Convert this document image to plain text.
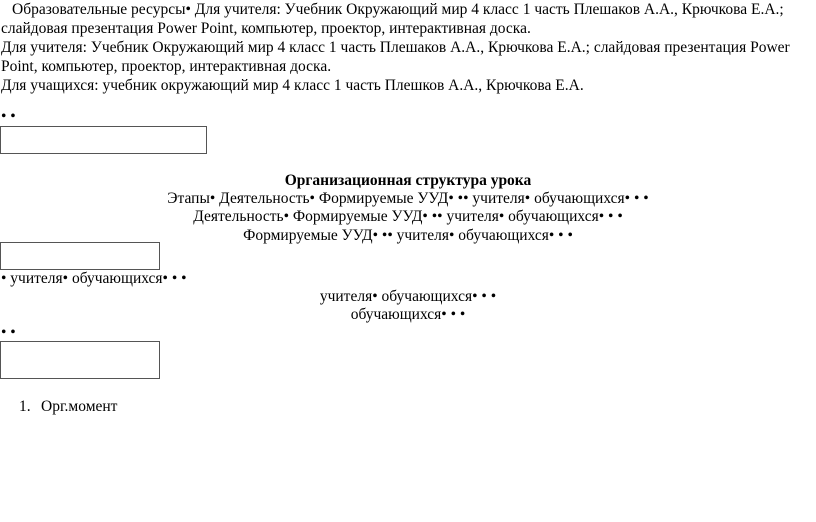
Образовательные ресурсы• Для учителя: Учебник Окружающий мир 4 класс 1 часть Плешаков А.А., Крючкова Е.А.;
слайдовая презентация Power Point, компьютер, проектор, интерактивная доска.
Для учителя: Учебник Окружающий мир 4 класс 1 часть Плешаков А.А., Крючкова Е.А.; слайдовая презентация Power
Point, компьютер, проектор, интерактивная доска.
Для учащихся: учебник окружающий мир 4 класс 1 часть Плешков А.А., Крючкова Е.А.
• •
Организационная структура урока
Этапы• Деятельность• Формируемые УУД• •• учителя• обучающихся• • •
Деятельность• Формируемые УУД• •• учителя• обучающихся• • •
Формируемые УУД• •• учителя• обучающихся• • •
• учителя• обучающихся• • •
учителя• обучающихся• • •
обучающихся• • •
• •
1. Орг.момент
